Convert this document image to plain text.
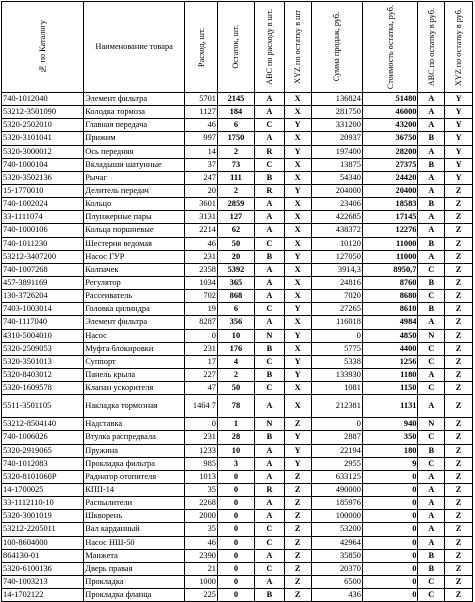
№ по Каталогу	Наименование товара	Расход, шт.	Остаток, шт.	АВС по расходу в шт.	XYZ по остатку в шт	Сумма продаж, руб.	Стоимость остатка, руб.	АВС по остатку в руб.	XYZ по остатку в руб.

740-1012040	Элемент фильтра	5701	2145	A	X	136824	51480	A	Y
53212-3501090	Колодка тормоза	1127	184	A	X	281750	46000	A	Y
5320-2502010	Главная передача	46	6	C	Y	331200	43200	A	Y
5320-3101041	Прижим	997	1750	A	X	20937	36750	B	Y
5320-3000012	Ось передняя	14	2	R	Y	197400	28200	A	Y
740-1000104	Вкладыши шатунные	37	73	C	X	13875	27375	B	Y
5320-3502136	Рычаг	247	111	B	X	54340	24420	A	Y
15-1770010	Делитель передач	20	2	R	Y	204000	20400	A	Z
740-1002024	Кольцо	3601	2859	A	X	23406	18583	B	Z
33-1111074	Плунжерные пары	3131	127	A	X	422685	17145	A	Z
740-1000106	Кольца поршневые	2214	62	A	X	438372	12276	A	Z
740-1011230	Шестерня ведомая	46	50	C	X	10120	11000	B	Z
53212-3407200	Насос ГУР	231	20	B	Y	127050	11000	A	Z
740-1007268	Колпачек	2358	5392	A	X	3914,3	8950,7	C	Z
457-3891169	Регулятор	1034	365	A	X	24816	8760	B	Z
130-3726204	Рассеиватель	702	868	A	X	7020	8680	C	Z
7403-1003014	Головка цилиндра	19	6	C	Y	27265	8610	B	Z
740-1117040	Элемент фильтра	8287	356	A	X	116018	4984	A	Z
4310-5004010	Насос	0	10	N	Y	0	4850	N	Z
5320-2509053	Муфта блокировки	231	176	B	X	5775	4400	C	Z
5320-3501013	Суппорт	17	4	C	Y	5338	1256	C	Z
5320-8403012	Панель крыла	227	2	B	Y	133930	1180	A	Z
5320-1609578	Клапан ускорителя	47	50	C	X	1081	1150	C	Z
5511-3501105	Накладка тормозная	1464 7	78	A	X	212381	1131	A	Z
53212-8504140	Надставка	0	1	N	Z	0	940	N	Z
740-1006026	Втулка распредвала	231	28	B	Y	2887	350	C	Z
5320-2919065	Пружина	1233	10	A	Y	22194	180	B	Z
740-1012083	Прокладка фильтра	985	3	A	Y	2955	9	C	Z
5320-8101060P	Радиатор отопителя	1013	0	A	Z	633125	0	A	Z
14-1700025	КПП-14	35	0	R	Z	490000	0	A	Z
33-1112110-10	Распылители	2268	0	A	Z	185976	0	A	Z
5320-3001019	Шкворень	2000	0	A	Z	100000	0	A	Z
53212-2205011	Вал карданный	35	0	C	Z	53200	0	A	Z
100-8604000	Насос НШ-50	46	0	C	Z	42964	0	A	Z
864130-01	Манжета	2390	0	A	Z	35850	0	B	Z
5320-6100136	Дверь правая	21	0	C	Z	20370	0	B	Z
740-1003213	Прокладка	1000	0	A	Z	6500	0	C	Z
14-1702122	Прокладка фланца	225	0	B	Z	436	0	C	Z
